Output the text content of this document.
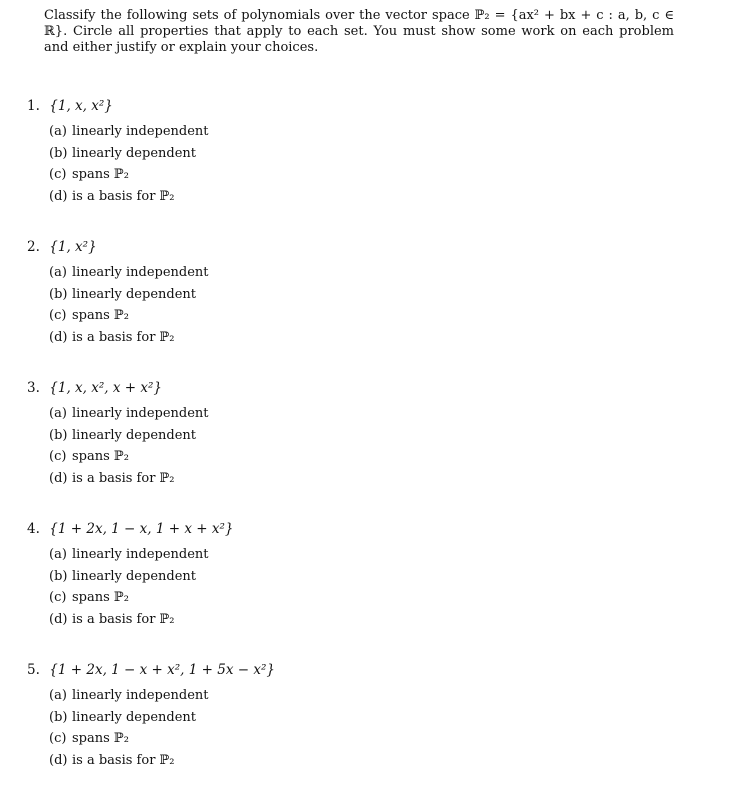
Classify the following sets of polynomials over the vector space ℙ₂ = {ax² + bx + c : a, b, c ∈ ℝ}. Circle all properties that apply to each set. You must show some work on each problem and either justify or explain your choices.
1. {1, x, x²}
(a) linearly independent
(b) linearly dependent
(c) spans ℙ₂
(d) is a basis for ℙ₂
2. {1, x²}
(a) linearly independent
(b) linearly dependent
(c) spans ℙ₂
(d) is a basis for ℙ₂
3. {1, x, x², x + x²}
(a) linearly independent
(b) linearly dependent
(c) spans ℙ₂
(d) is a basis for ℙ₂
4. {1 + 2x, 1 − x, 1 + x + x²}
(a) linearly independent
(b) linearly dependent
(c) spans ℙ₂
(d) is a basis for ℙ₂
5. {1 + 2x, 1 − x + x², 1 + 5x − x²}
(a) linearly independent
(b) linearly dependent
(c) spans ℙ₂
(d) is a basis for ℙ₂
